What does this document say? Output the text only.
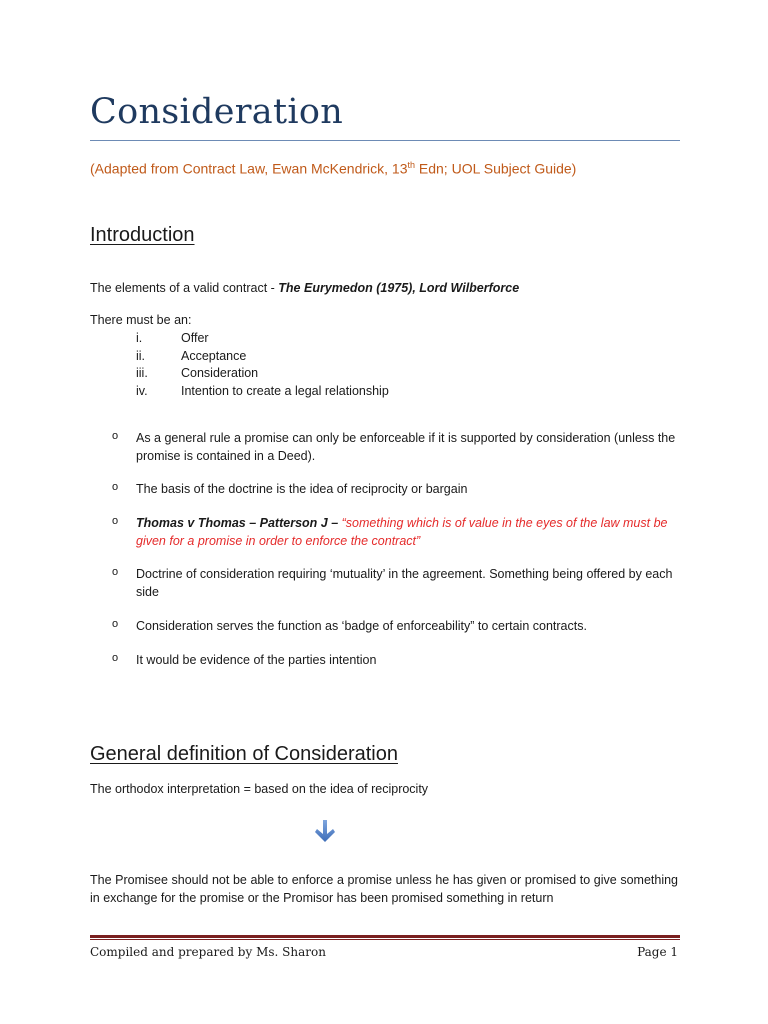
Consideration
(Adapted from Contract Law, Ewan McKendrick, 13th Edn; UOL Subject Guide)
Introduction
The elements of a valid contract - The Eurymedon (1975), Lord Wilberforce
There must be an:
i.	Offer
ii.	Acceptance
iii.	Consideration
iv.	Intention to create a legal relationship
o As a general rule a promise can only be enforceable if it is supported by consideration (unless the promise is contained in a Deed).
o The basis of the doctrine is the idea of reciprocity or bargain
o Thomas v Thomas – Patterson J – “something which is of value in the eyes of the law must be given for a promise in order to enforce the contract”
o Doctrine of consideration requiring ‘mutuality’ in the agreement. Something being offered by each side
o Consideration serves the function as ‘badge of enforceability” to certain contracts.
o It would be evidence of the parties intention
General definition of Consideration
The orthodox interpretation = based on the idea of reciprocity
The Promisee should not be able to enforce a promise unless he has given or promised to give something in exchange for the promise or the Promisor has been promised something in return
Compiled and prepared by Ms. Sharon	Page 1
